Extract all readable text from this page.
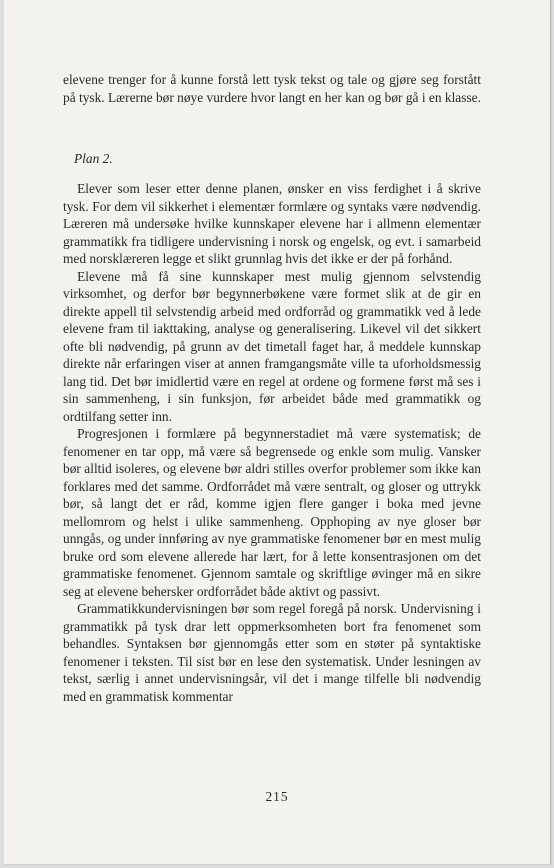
elevene trenger for å kunne forstå lett tysk tekst og tale og gjøre seg forstått på tysk. Lærerne bør nøye vurdere hvor langt en her kan og bør gå i en klasse.

Plan 2.

Elever som leser etter denne planen, ønsker en viss ferdighet i å skrive tysk. For dem vil sikkerhet i elementær formlære og syntaks være nødvendig. Læreren må undersøke hvilke kunnskaper elevene har i allmenn elementær grammatikk fra tidligere undervisning i norsk og engelsk, og evt. i samarbeid med norsklæreren legge et slikt grunnlag hvis det ikke er der på forhånd.

Elevene må få sine kunnskaper mest mulig gjennom selvstendig virksomhet, og derfor bør begynnerbøkene være formet slik at de gir en direkte appell til selvstendig arbeid med ordforråd og grammatikk ved å lede elevene fram til iakttaking, analyse og generalisering. Likevel vil det sikkert ofte bli nødvendig, på grunn av det timetall faget har, å meddele kunnskap direkte når erfaringen viser at annen framgangsmåte ville ta uforholdsmessig lang tid. Det bør imidlertid være en regel at ordene og formene først må ses i sin sammenheng, i sin funksjon, før arbeidet både med grammatikk og ordtilfang setter inn.

Progresjonen i formlære på begynnerstadiet må være systematisk; de fenomener en tar opp, må være så begrensede og enkle som mulig. Vansker bør alltid isoleres, og elevene bør aldri stilles overfor problemer som ikke kan forklares med det samme. Ordforrådet må være sentralt, og gloser og uttrykk bør, så langt det er råd, komme igjen flere ganger i boka med jevne mellomrom og helst i ulike sammenheng. Opphoping av nye gloser bør unngås, og under innføring av nye grammatiske fenomener bør en mest mulig bruke ord som elevene allerede har lært, for å lette konsentrasjonen om det grammatiske fenomenet. Gjennom samtale og skriftlige øvinger må en sikre seg at elevene behersker ordforrådet både aktivt og passivt.

Grammatikkundervisningen bør som regel foregå på norsk. Undervisning i grammatikk på tysk drar lett oppmerksomheten bort fra fenomenet som behandles. Syntaksen bør gjennomgås etter som en støter på syntaktiske fenomener i teksten. Til sist bør en lese den systematisk. Under lesningen av tekst, særlig i annet undervisningsår, vil det i mange tilfelle bli nødvendig med en grammatisk kommentar

215
